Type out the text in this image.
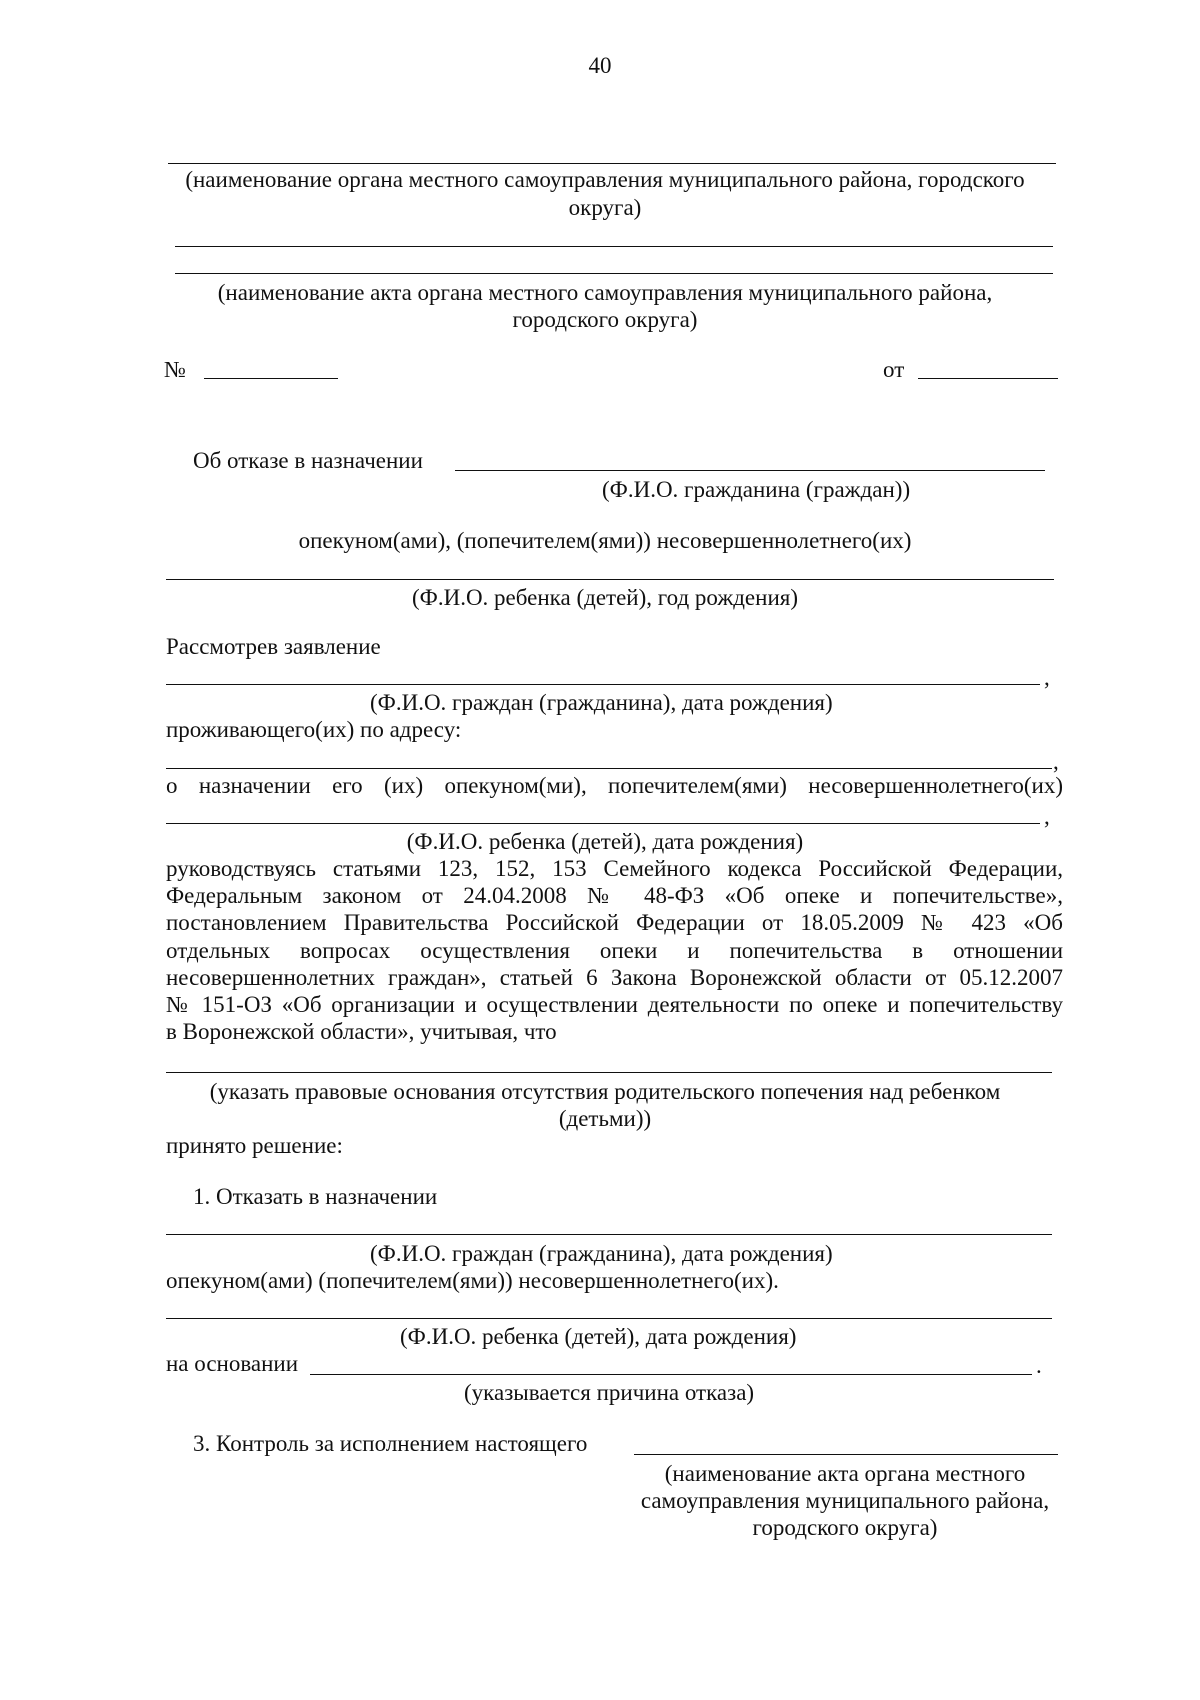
40
(наименование органа местного самоуправления муниципального района, городского
округа)
(наименование акта органа местного самоуправления муниципального района,
городского округа)
№	от
Об отказе в назначении
(Ф.И.О. гражданина (граждан))
опекуном(ами), (попечителем(ями)) несовершеннолетнего(их)
(Ф.И.О. ребенка (детей), год рождения)
Рассмотрев заявление
,
(Ф.И.О. граждан (гражданина), дата рождения)
проживающего(их) по адресу:
,
о назначении его (их) опекуном(ми), попечителем(ями) несовершеннолетнего(их)
,
(Ф.И.О. ребенка (детей), дата рождения)
руководствуясь статьями 123, 152, 153 Семейного кодекса Российской Федерации,
Федеральным законом от 24.04.2008 № 48-ФЗ «Об опеке и попечительстве»,
постановлением Правительства Российской Федерации от 18.05.2009 № 423 «Об
отдельных вопросах осуществления опеки и попечительства в отношении
несовершеннолетних граждан», статьей 6 Закона Воронежской области от 05.12.2007
№ 151-ОЗ «Об организации и осуществлении деятельности по опеке и попечительству
в Воронежской области», учитывая, что
(указать правовые основания отсутствия родительского попечения над ребенком
(детьми))
принято решение:
1. Отказать в назначении
(Ф.И.О. граждан (гражданина), дата рождения)
опекуном(ами) (попечителем(ями)) несовершеннолетнего(их).
(Ф.И.О. ребенка (детей), дата рождения)
на основании	.
(указывается причина отказа)
3. Контроль за исполнением настоящего
(наименование акта органа местного
самоуправления муниципального района,
городского округа)
